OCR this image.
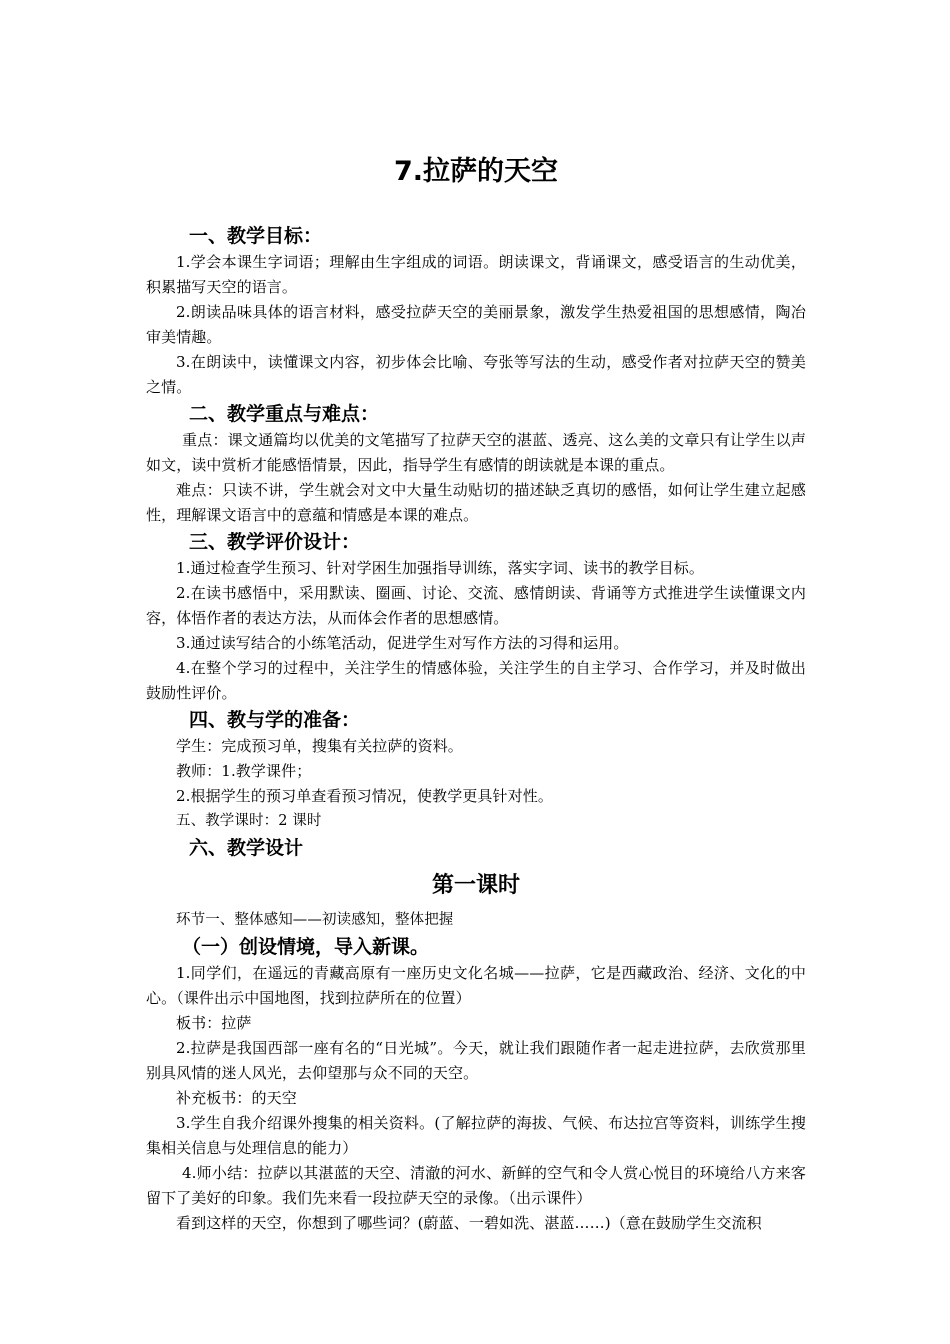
7.拉萨的天空
一、教学目标：

1.学会本课生字词语；理解由生字组成的词语。朗读课文，背诵课文，感受语言的生动优美，积累描写天空的语言。

2.朗读品味具体的语言材料，感受拉萨天空的美丽景象，激发学生热爱祖国的思想感情，陶冶审美情趣。

3.在朗读中，读懂课文内容，初步体会比喻、夸张等写法的生动，感受作者对拉萨天空的赞美之情。

二、教学重点与难点：

重点：课文通篇均以优美的文笔描写了拉萨天空的湛蓝、透亮、这么美的文章只有让学生以声如文，读中赏析才能感悟情景，因此，指导学生有感情的朗读就是本课的重点。

难点：只读不讲，学生就会对文中大量生动贴切的描述缺乏真切的感悟，如何让学生建立起感性，理解课文语言中的意蕴和情感是本课的难点。

三、教学评价设计：

1.通过检查学生预习、针对学困生加强指导训练，落实字词、读书的教学目标。

2.在读书感悟中，采用默读、圈画、讨论、交流、感情朗读、背诵等方式推进学生读懂课文内容，体悟作者的表达方法，从而体会作者的思想感情。

3.通过读写结合的小练笔活动，促进学生对写作方法的习得和运用。

4.在整个学习的过程中，关注学生的情感体验，关注学生的自主学习、合作学习，并及时做出鼓励性评价。

四、教与学的准备：

学生：完成预习单，搜集有关拉萨的资料。

教师：1.教学课件；

2.根据学生的预习单查看预习情况，使教学更具针对性。

五、教学课时：2 课时

六、教学设计
第一课时

环节一、整体感知——初读感知，整体把握

（一）创设情境，导入新课。

1.同学们，在遥远的青藏高原有一座历史文化名城——拉萨，它是西藏政治、经济、文化的中心。（课件出示中国地图，找到拉萨所在的位置）

板书：拉萨

2.拉萨是我国西部一座有名的“日光城”。今天，就让我们跟随作者一起走进拉萨，去欣赏那里别具风情的迷人风光，去仰望那与众不同的天空。

补充板书：的天空

3.学生自我介绍课外搜集的相关资料。(了解拉萨的海拔、气候、布达拉宫等资料，训练学生搜集相关信息与处理信息的能力）

4.师小结：拉萨以其湛蓝的天空、清澈的河水、新鲜的空气和令人赏心悦目的环境给八方来客留下了美好的印象。我们先来看一段拉萨天空的录像。（出示课件）

看到这样的天空，你想到了哪些词？(蔚蓝、一碧如洗、湛蓝……)（意在鼓励学生交流积
